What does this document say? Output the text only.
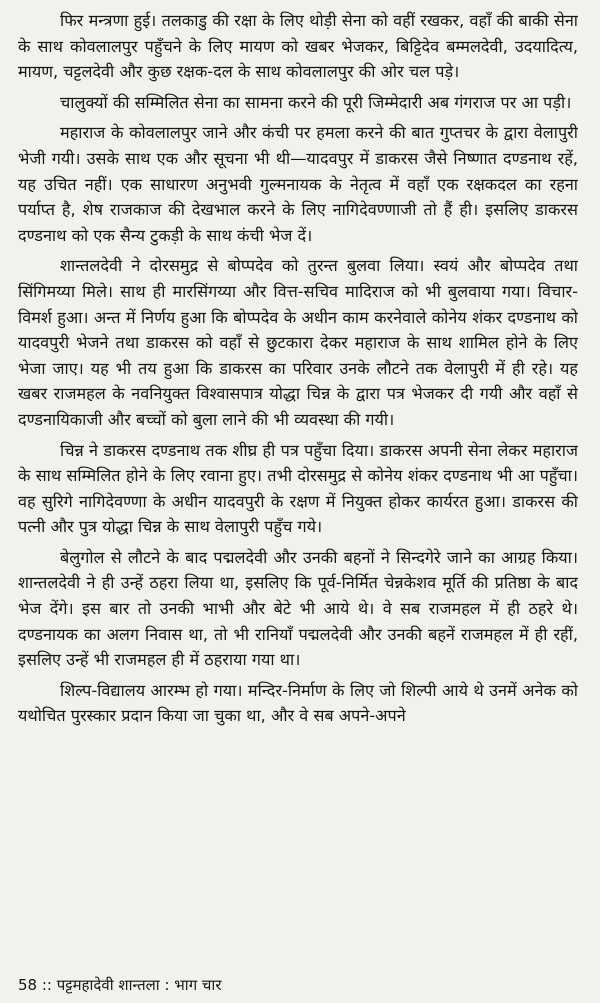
फिर मन्त्रणा हुई। तलकाडु की रक्षा के लिए थोड़ी सेना को वहीं रखकर, वहाँ की बाकी सेना के साथ कोवलालपुर पहुँचने के लिए मायण को खबर भेजकर, बिट्टिदेव बम्मलदेवी, उदयादित्य, मायण, चट्टलदेवी और कुछ रक्षक-दल के साथ कोवलालपुर की ओर चल पड़े।

चालुक्यों की सम्मिलित सेना का सामना करने की पूरी जिम्मेदारी अब गंगराज पर आ पड़ी।

महाराज के कोवलालपुर जाने और कंची पर हमला करने की बात गुप्तचर के द्वारा वेलापुरी भेजी गयी। उसके साथ एक और सूचना भी थी—यादवपुर में डाकरस जैसे निष्णात दण्डनाथ रहें, यह उचित नहीं। एक साधारण अनुभवी गुल्मनायक के नेतृत्व में वहाँ एक रक्षकदल का रहना पर्याप्त है, शेष राजकाज की देखभाल करने के लिए नागिदेवण्णाजी तो हैं ही। इसलिए डाकरस दण्डनाथ को एक सैन्य टुकड़ी के साथ कंची भेज दें।

शान्तलदेवी ने दोरसमुद्र से बोप्पदेव को तुरन्त बुलवा लिया। स्वयं और बोप्पदेव तथा सिंगिमय्या मिले। साथ ही मारसिंगय्या और वित्त-सचिव मादिराज को भी बुलवाया गया। विचार-विमर्श हुआ। अन्त में निर्णय हुआ कि बोप्पदेव के अधीन काम करनेवाले कोनेय शंकर दण्डनाथ को यादवपुरी भेजने तथा डाकरस को वहाँ से छुटकारा देकर महाराज के साथ शामिल होने के लिए भेजा जाए। यह भी तय हुआ कि डाकरस का परिवार उनके लौटने तक वेलापुरी में ही रहे। यह खबर राजमहल के नवनियुक्त विश्वासपात्र योद्धा चिन्न के द्वारा पत्र भेजकर दी गयी और वहाँ से दण्डनायिकाजी और बच्चों को बुला लाने की भी व्यवस्था की गयी।

चिन्न ने डाकरस दण्डनाथ तक शीघ्र ही पत्र पहुँचा दिया। डाकरस अपनी सेना लेकर महाराज के साथ सम्मिलित होने के लिए रवाना हुए। तभी दोरसमुद्र से कोनेय शंकर दण्डनाथ भी आ पहुँचा। वह सुरिगे नागिदेवण्णा के अधीन यादवपुरी के रक्षण में नियुक्त होकर कार्यरत हुआ। डाकरस की पत्नी और पुत्र योद्धा चिन्न के साथ वेलापुरी पहुँच गये।

बेलुगोल से लौटने के बाद पद्मलदेवी और उनकी बहनों ने सिन्दगेरे जाने का आग्रह किया। शान्तलदेवी ने ही उन्हें ठहरा लिया था, इसलिए कि पूर्व-निर्मित चेन्नकेशव मूर्ति की प्रतिष्ठा के बाद भेज देंगे। इस बार तो उनकी भाभी और बेटे भी आये थे। वे सब राजमहल में ही ठहरे थे। दण्डनायक का अलग निवास था, तो भी रानियाँ पद्मलदेवी और उनकी बहनें राजमहल में ही रहीं, इसलिए उन्हें भी राजमहल ही में ठहराया गया था।

शिल्प-विद्यालय आरम्भ हो गया। मन्दिर-निर्माण के लिए जो शिल्पी आये थे उनमें अनेक को यथोचित पुरस्कार प्रदान किया जा चुका था, और वे सब अपने-अपने

58 :: पट्टमहादेवी शान्तला : भाग चार
